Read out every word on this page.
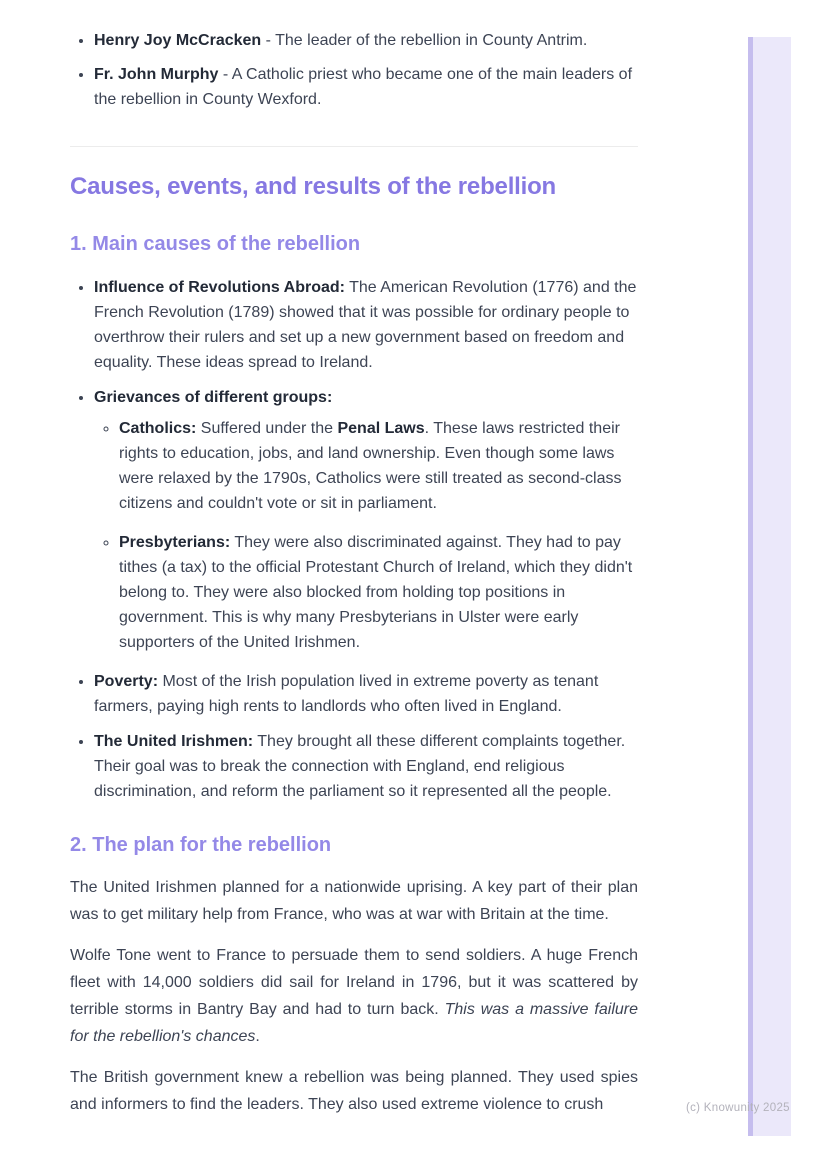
• Henry Joy McCracken - The leader of the rebellion in County Antrim.
• Fr. John Murphy - A Catholic priest who became one of the main leaders of the rebellion in County Wexford.
Causes, events, and results of the rebellion
1. Main causes of the rebellion
• Influence of Revolutions Abroad: The American Revolution (1776) and the French Revolution (1789) showed that it was possible for ordinary people to overthrow their rulers and set up a new government based on freedom and equality. These ideas spread to Ireland.
• Grievances of different groups:
◦ Catholics: Suffered under the Penal Laws. These laws restricted their rights to education, jobs, and land ownership. Even though some laws were relaxed by the 1790s, Catholics were still treated as second-class citizens and couldn't vote or sit in parliament.
◦ Presbyterians: They were also discriminated against. They had to pay tithes (a tax) to the official Protestant Church of Ireland, which they didn't belong to. They were also blocked from holding top positions in government. This is why many Presbyterians in Ulster were early supporters of the United Irishmen.
• Poverty: Most of the Irish population lived in extreme poverty as tenant farmers, paying high rents to landlords who often lived in England.
• The United Irishmen: They brought all these different complaints together. Their goal was to break the connection with England, end religious discrimination, and reform the parliament so it represented all the people.
2. The plan for the rebellion

The United Irishmen planned for a nationwide uprising. A key part of their plan was to get military help from France, who was at war with Britain at the time.

Wolfe Tone went to France to persuade them to send soldiers. A huge French fleet with 14,000 soldiers did sail for Ireland in 1796, but it was scattered by terrible storms in Bantry Bay and had to turn back. This was a massive failure for the rebellion's chances.

The British government knew a rebellion was being planned. They used spies and informers to find the leaders. They also used extreme violence to crush	(c) Knowunity 2025
